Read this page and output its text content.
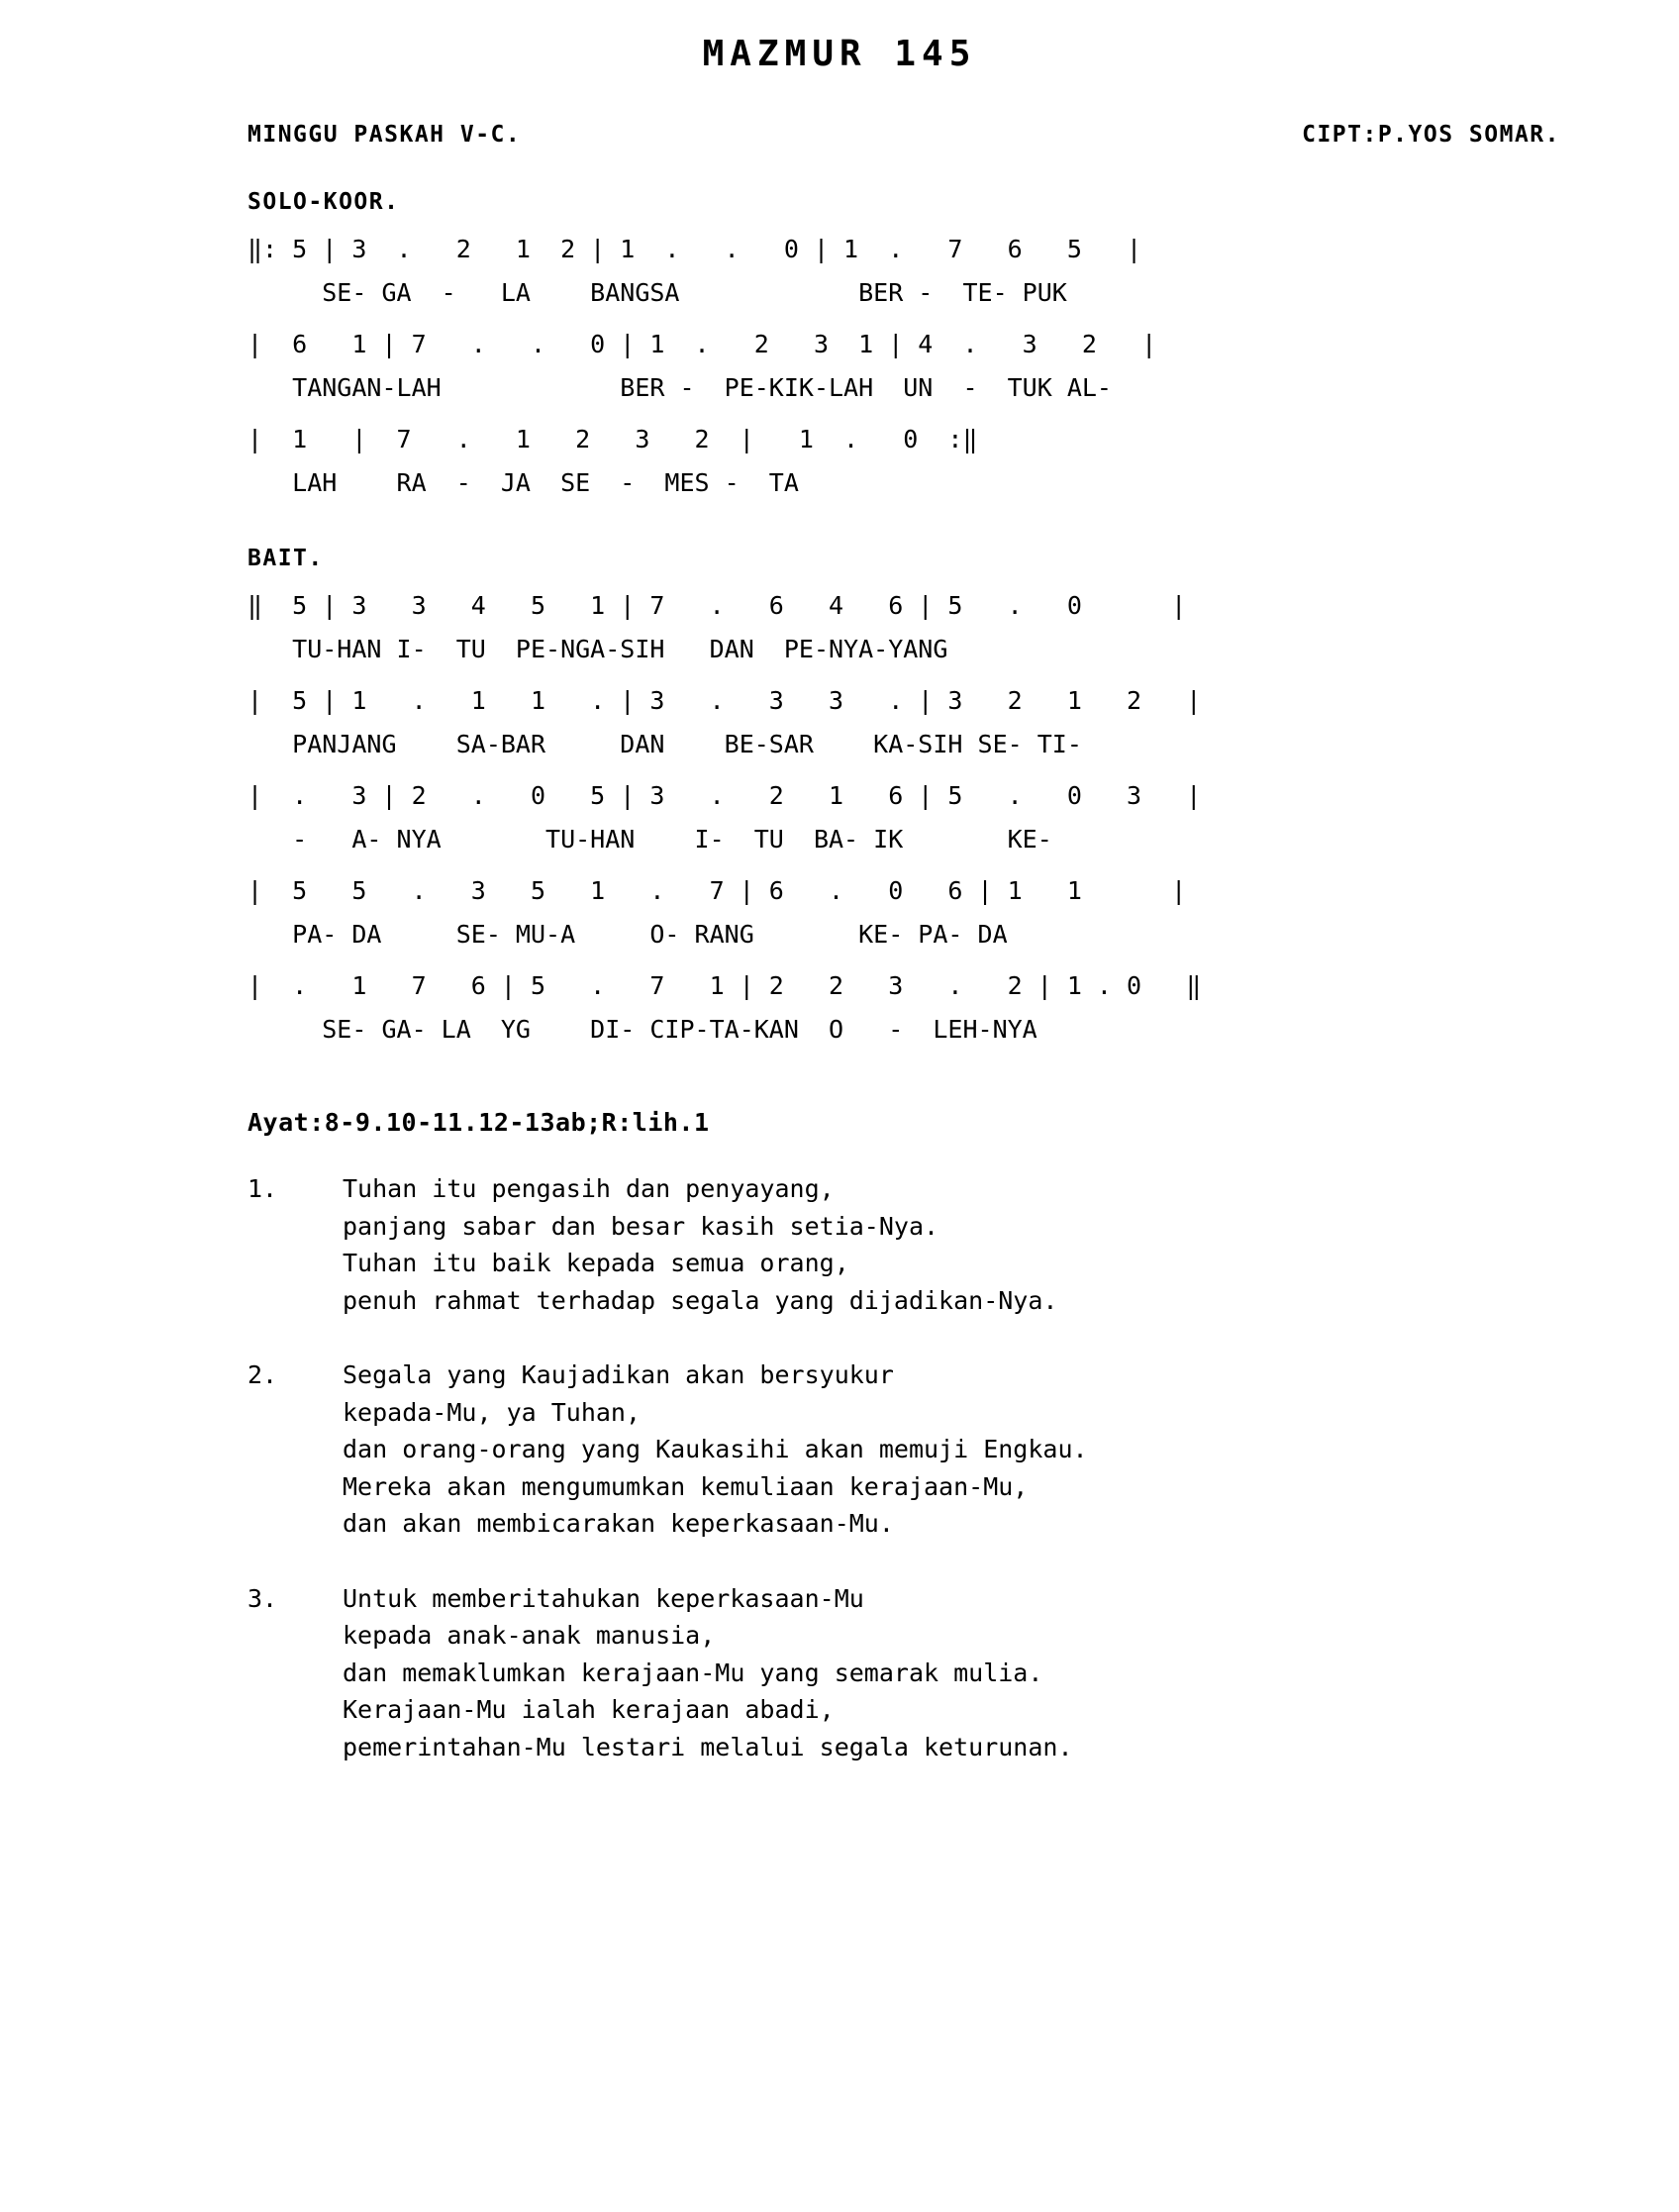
MAZMUR 145
MINGGU PASKAH V-C.	CIPT:P.YOS SOMAR.
SOLO-KOOR.
‖: 5 | 3  .   2   1  2 | 1  .   .   0 | 1  .   7   6   5   |
SE- GA  -   LA    BANGSA            BER -  TE- PUK
|  6   1 | 7   .   .   0 | 1  .   2   3  1 | 4  .   3   2   |
TANGAN-LAH            BER -  PE-KIK-LAH  UN  -  TUK AL-
|  1   |  7   .   1   2   3   2  |   1  .   0  :‖
LAH    RA  -  JA  SE  -  MES -  TA
BAIT.
‖  5 | 3   3   4   5   1 | 7   .   6   4   6 | 5   .   0      |
TU-HAN I-  TU  PE-NGA-SIH   DAN  PE-NYA-YANG
|  5 | 1   .   1   1   . | 3   .   3   3   . | 3   2   1   2   |
PANJANG    SA-BAR     DAN    BE-SAR    KA-SIH SE- TI-
|  .   3 | 2   .   0   5 | 3   .   2   1   6 | 5   .   0   3   |
-   A- NYA       TU-HAN    I-  TU  BA- IK       KE-
|  5   5   .   3   5   1   .   7 | 6   .   0   6 | 1   1      |
PA- DA     SE- MU-A     O- RANG       KE- PA- DA
|  .   1   7   6 | 5   .   7   1 | 2   2   3   .   2 | 1 . 0   ‖
SE- GA- LA  YG    DI- CIP-TA-KAN  O   -  LEH-NYA
Ayat:8-9.10-11.12-13ab;R:lih.1
1.	Tuhan itu pengasih dan penyayang,
panjang sabar dan besar kasih setia-Nya.
Tuhan itu baik kepada semua orang,
penuh rahmat terhadap segala yang dijadikan-Nya.
2.	Segala yang Kaujadikan akan bersyukur
kepada-Mu, ya Tuhan,
dan orang-orang yang Kaukasihi akan memuji Engkau.
Mereka akan mengumumkan kemuliaan kerajaan-Mu,
dan akan membicarakan keperkasaan-Mu.
3.	Untuk memberitahukan keperkasaan-Mu
kepada anak-anak manusia,
dan memaklumkan kerajaan-Mu yang semarak mulia.
Kerajaan-Mu ialah kerajaan abadi,
pemerintahan-Mu lestari melalui segala keturunan.
